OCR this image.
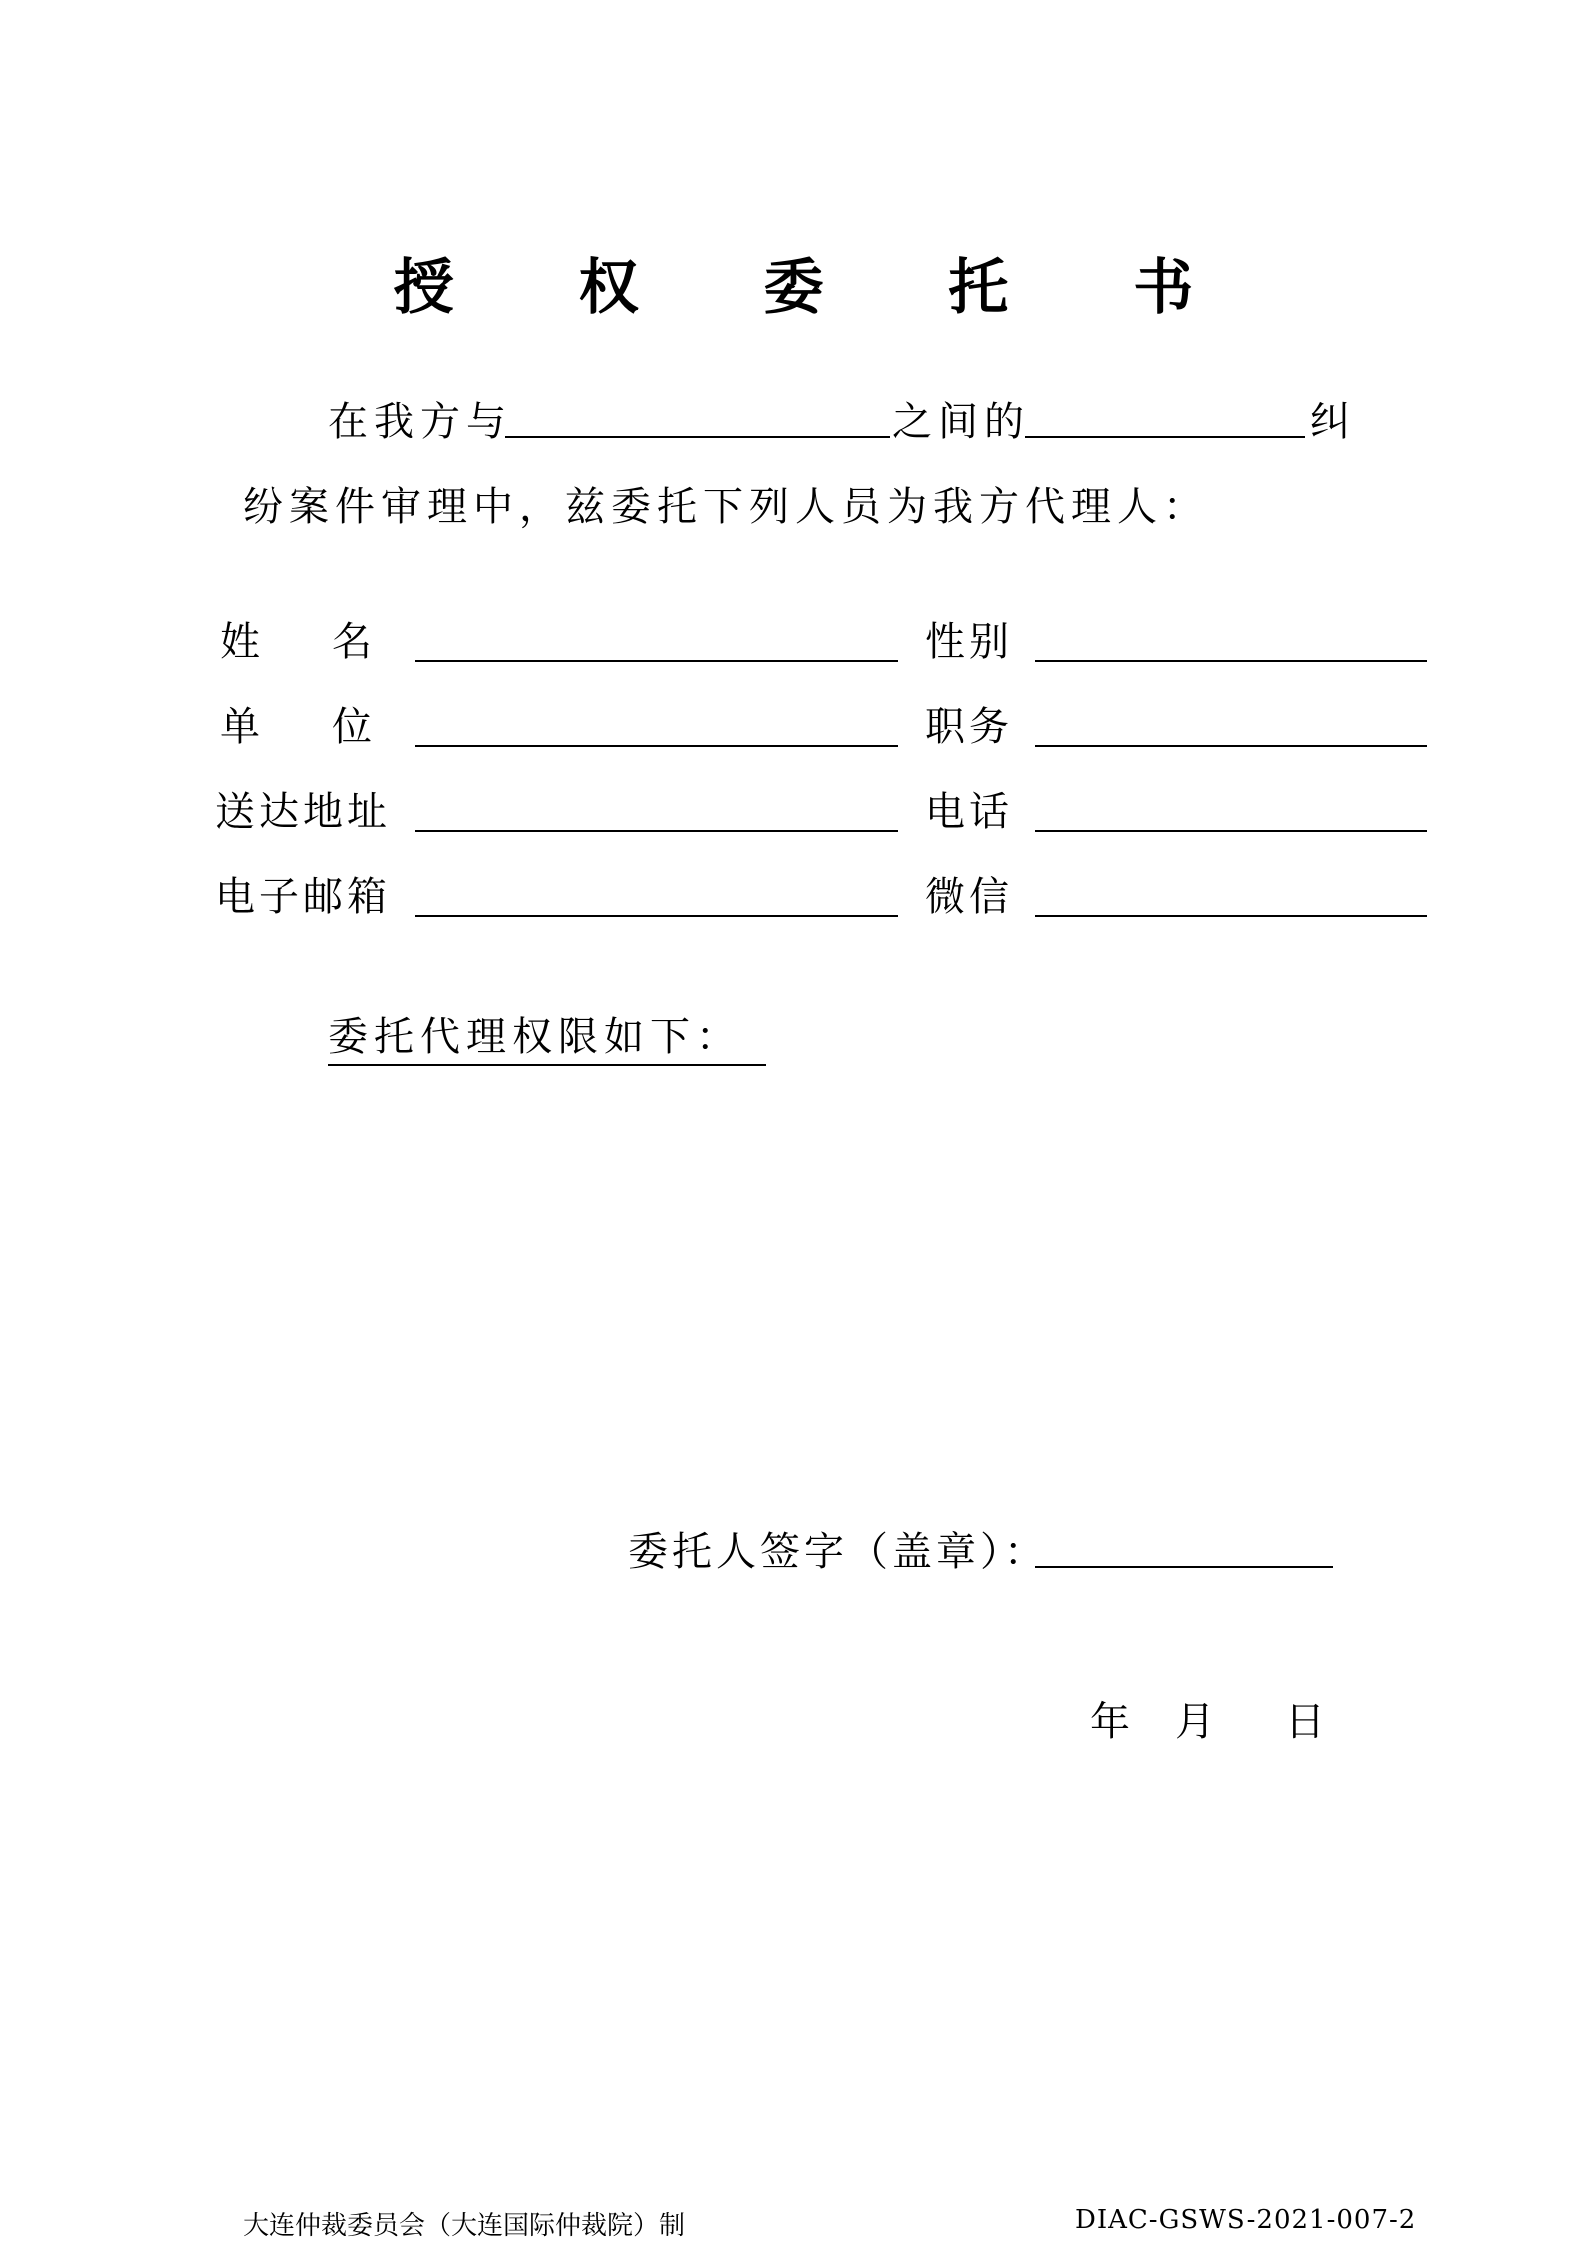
授 权 委 托 书
在我方与	之间的	纠
纷案件审理中，兹委托下列人员为我方代理人：
姓 名	性别
单 位	职务
送达地址	电话
电子邮箱	微信
委托代理权限如下：
委托人签字（盖章）：
年 月 日
大连仲裁委员会（大连国际仲裁院）制	DIAC-GSWS-2021-007-2
